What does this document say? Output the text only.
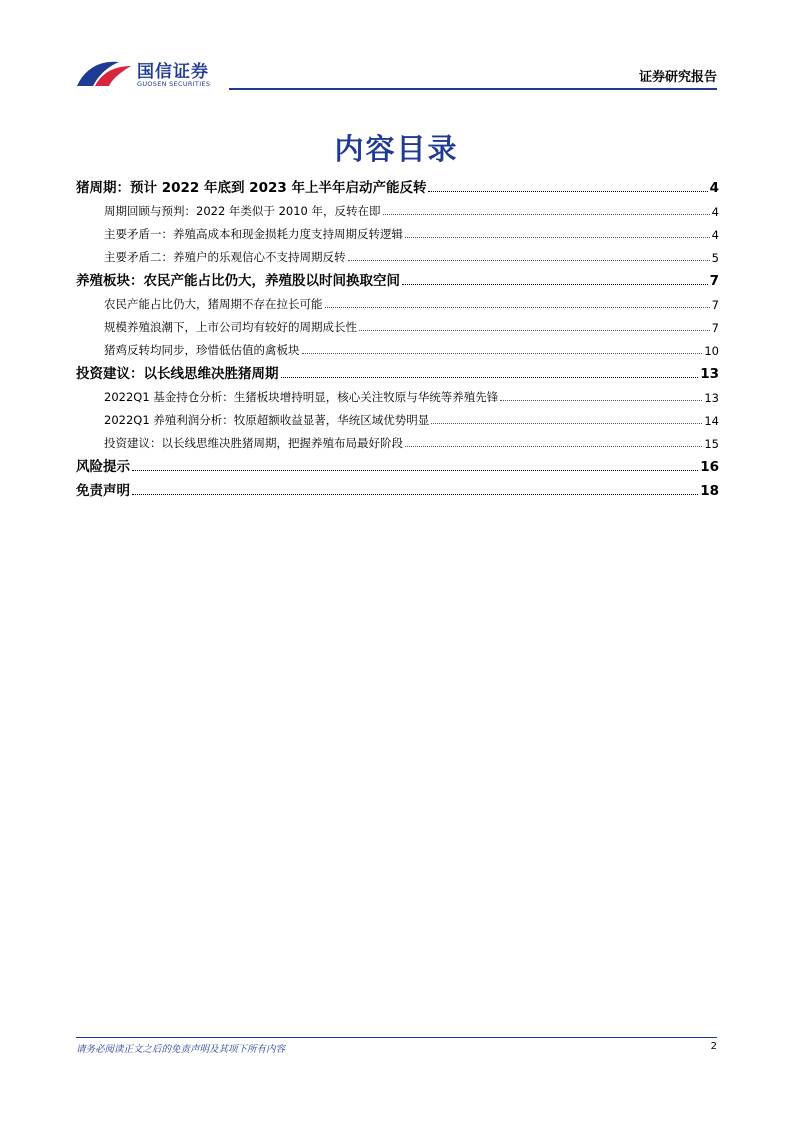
国信证券
GUOSEN SECURITIES	证券研究报告
内容目录
猪周期：预计 2022 年底到 2023 年上半年启动产能反转	4
周期回顾与预判：2022 年类似于 2010 年，反转在即	4
主要矛盾一：养殖高成本和现金损耗力度支持周期反转逻辑	4
主要矛盾二：养殖户的乐观信心不支持周期反转	5
养殖板块：农民产能占比仍大，养殖股以时间换取空间	7
农民产能占比仍大，猪周期不存在拉长可能	7
规模养殖浪潮下，上市公司均有较好的周期成长性	7
猪鸡反转均同步，珍惜低估值的禽板块	10
投资建议：以长线思维决胜猪周期	13
2022Q1 基金持仓分析：生猪板块增持明显，核心关注牧原与华统等养殖先锋	13
2022Q1 养殖利润分析：牧原超额收益显著，华统区域优势明显	14
投资建议：以长线思维决胜猪周期，把握养殖布局最好阶段	15
风险提示	16
免责声明	18
请务必阅读正文之后的免责声明及其项下所有内容	2
